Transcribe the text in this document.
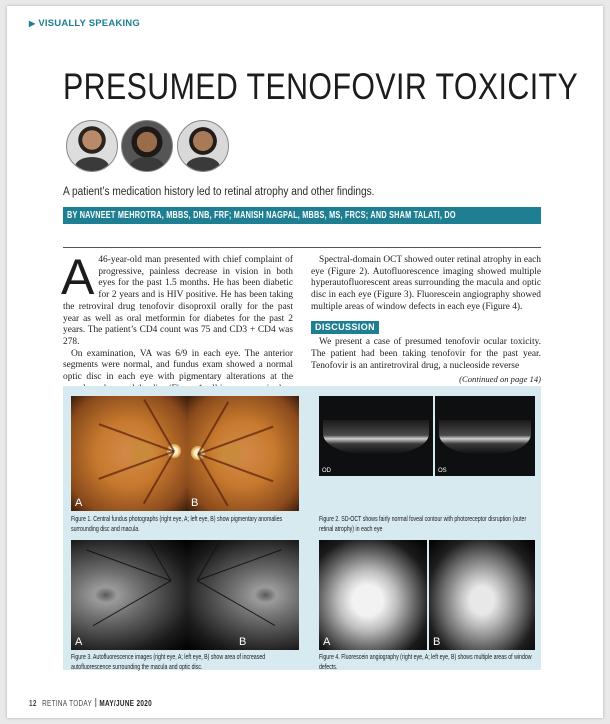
▶ VISUALLY SPEAKING
PRESUMED TENOFOVIR TOXICITY
A patient’s medication history led to retinal atrophy and other findings.
BY NAVNEET MEHROTRA, MBBS, DNB, FRF; MANISH NAGPAL, MBBS, MS, FRCS; AND SHAM TALATI, DO

A 46-year-old man presented with chief complaint of progressive, painless decrease in vision in both eyes for the past 1.5 months. He has been diabetic for 2 years and is HIV positive. He has been taking the retroviral drug tenofovir disoproxil orally for the past year as well as oral metformin for diabetes for the past 2 years. The patient’s CD4 count was 75 and CD3 + CD4 was 278.

On examination, VA was 6/9 in each eye. The anterior segments were normal, and fundus exam showed a normal optic disc in each eye with pigmentary alterations at the

Spectral-domain OCT showed outer retinal atrophy in each eye (Figure 2). Autofluorescence imaging showed multiple hyperautofluorescent areas surrounding the macula and optic disc in each eye (Figure 3). Fluorescein angiography showed multiple areas of window defects in each eye (Figure 4).

DISCUSSION

We present a case of presumed tenofovir ocular toxicity. The patient had been taking tenofovir for the past year. Tenofovir is an antiretroviral drug, a nucleoside reverse

(Continued on page 14)
A	B
Figure 1. Central fundus photographs (right eye, A; left eye, B) show pigmentary anomalies surrounding disc and macula.
OD	OS
Figure 2. SD-OCT shows fairly normal foveal contour with photoreceptor disruption (outer retinal atrophy) in each eye
A	B
Figure 3. Autofluorescence images (right eye, A; left eye, B) show area of increased autofluorescence surrounding the macula and optic disc.
A	B
Figure 4. Fluorescein angiography (right eye, A; left eye, B) shows multiple areas of window defects.
12 RETINA TODAY MAY/JUNE 2020
